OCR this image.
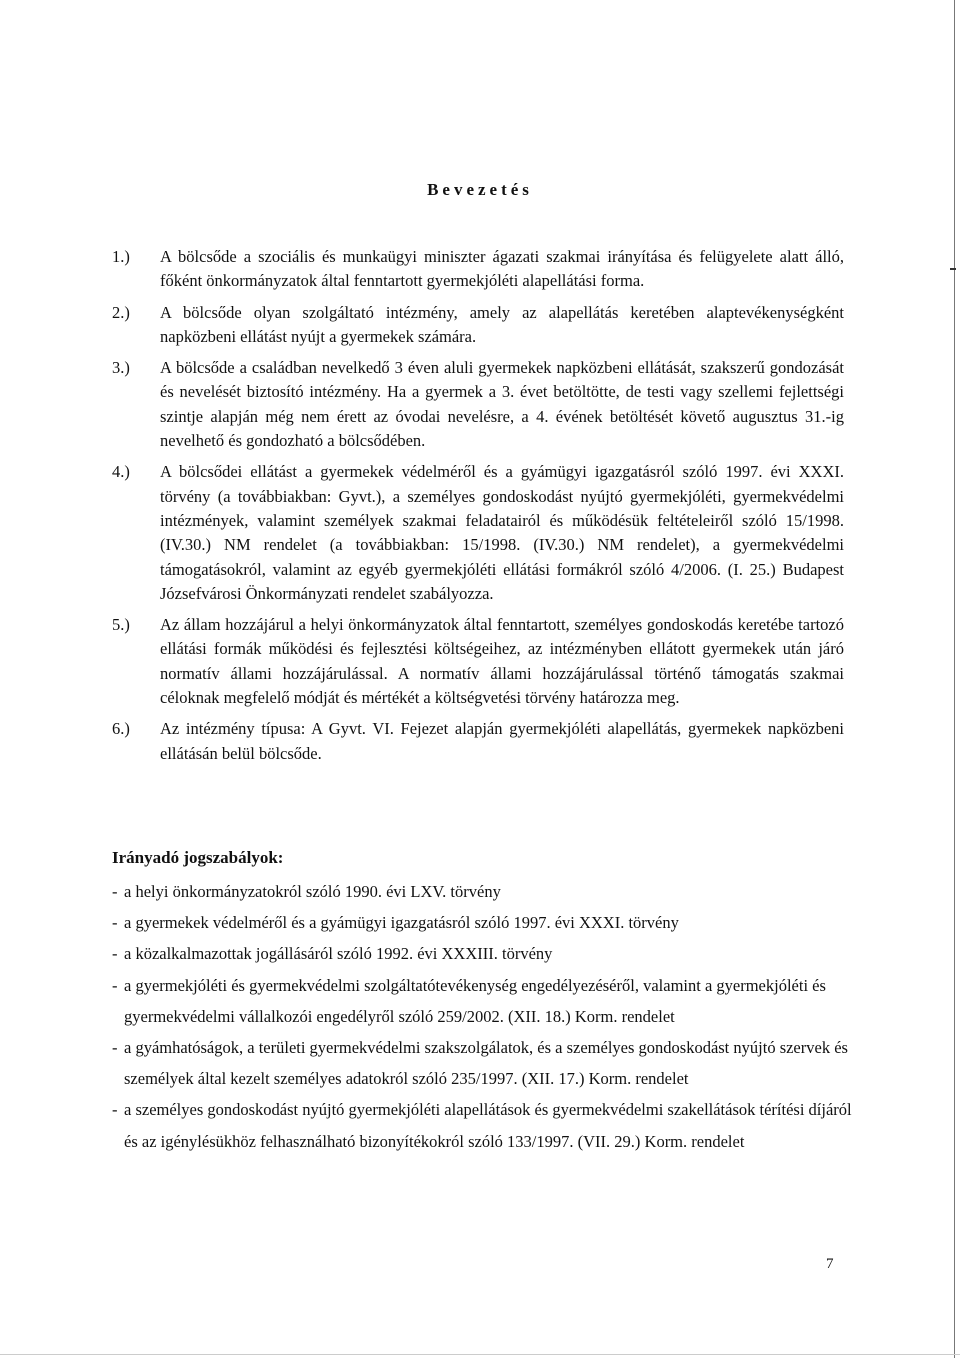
Bevezetés
1.)	A bölcsőde a szociális és munkaügyi miniszter ágazati szakmai irányítása és felügyelete alatt álló, főként önkormányzatok által fenntartott gyermekjóléti alapellátási forma.
2.)	A bölcsőde olyan szolgáltató intézmény, amely az alapellátás keretében alaptevékenységként napközbeni ellátást nyújt a gyermekek számára.
3.)	A bölcsőde a családban nevelkedő 3 éven aluli gyermekek napközbeni ellátását, szakszerű gondozását és nevelését biztosító intézmény. Ha a gyermek a 3. évet betöltötte, de testi vagy szellemi fejlettségi szintje alapján még nem érett az óvodai nevelésre, a 4. évének betöltését követő augusztus 31.-ig nevelhető és gondozható a bölcsődében.
4.)	A bölcsődei ellátást a gyermekek védelméről és a gyámügyi igazgatásról szóló 1997. évi XXXI. törvény (a továbbiakban: Gyvt.), a személyes gondoskodást nyújtó gyermekjóléti, gyermekvédelmi intézmények, valamint személyek szakmai feladatairól és működésük feltételeiről szóló 15/1998. (IV.30.) NM rendelet (a továbbiakban: 15/1998. (IV.30.) NM rendelet), a gyermekvédelmi támogatásokról, valamint az egyéb gyermekjóléti ellátási formákról szóló 4/2006. (I. 25.) Budapest Józsefvárosi Önkormányzati rendelet szabályozza.
5.)	Az állam hozzájárul a helyi önkormányzatok által fenntartott, személyes gondoskodás keretébe tartozó ellátási formák működési és fejlesztési költségeihez, az intézményben ellátott gyermekek után járó normatív állami hozzájárulással. A normatív állami hozzájárulással történő támogatás szakmai céloknak megfelelő módját és mértékét a költségvetési törvény határozza meg.
6.)	Az intézmény típusa: A Gyvt. VI. Fejezet alapján gyermekjóléti alapellátás, gyermekek napközbeni ellátásán belül bölcsőde.
Irányadó jogszabályok:
- a helyi önkormányzatokról szóló 1990. évi LXV. törvény
- a gyermekek védelméről és a gyámügyi igazgatásról szóló 1997. évi XXXI. törvény
- a közalkalmazottak jogállásáról szóló 1992. évi XXXIII. törvény
- a gyermekjóléti és gyermekvédelmi szolgáltatótevékenység engedélyezéséről, valamint a gyermekjóléti és gyermekvédelmi vállalkozói engedélyről szóló 259/2002. (XII. 18.) Korm. rendelet
- a gyámhatóságok, a területi gyermekvédelmi szakszolgálatok, és a személyes gondoskodást nyújtó szervek és személyek által kezelt személyes adatokról szóló 235/1997. (XII. 17.) Korm. rendelet
- a személyes gondoskodást nyújtó gyermekjóléti alapellátások és gyermekvédelmi szakellátások térítési díjáról és az igénylésükhöz felhasználható bizonyítékokról szóló 133/1997. (VII. 29.) Korm. rendelet
7
